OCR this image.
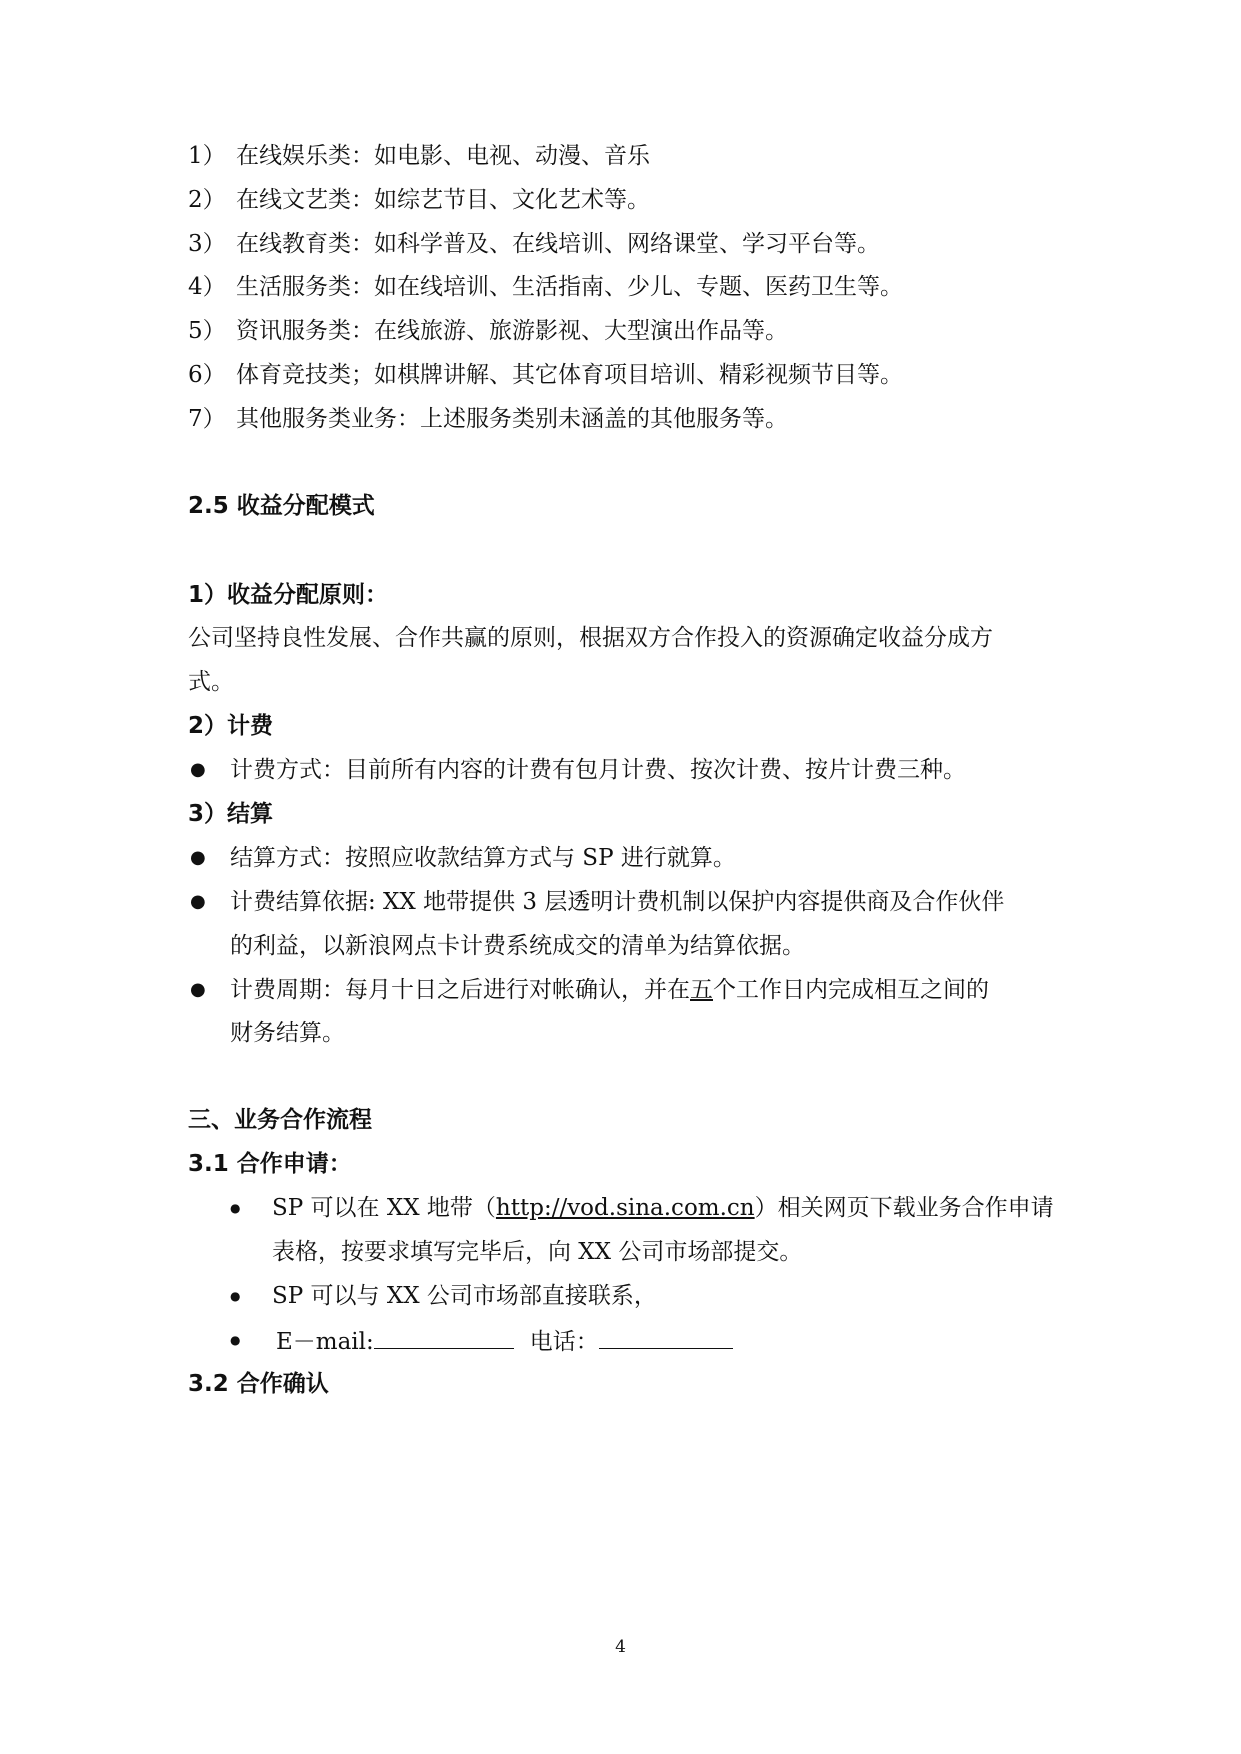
1） 在线娱乐类：如电影、电视、动漫、音乐
2） 在线文艺类：如综艺节目、文化艺术等。
3） 在线教育类：如科学普及、在线培训、网络课堂、学习平台等。
4） 生活服务类：如在线培训、生活指南、少儿、专题、医药卫生等。
5） 资讯服务类：在线旅游、旅游影视、大型演出作品等。
6） 体育竞技类；如棋牌讲解、其它体育项目培训、精彩视频节目等。
7） 其他服务类业务：上述服务类别未涵盖的其他服务等。
2.5 收益分配模式
1）收益分配原则：
公司坚持良性发展、合作共赢的原则，根据双方合作投入的资源确定收益分成方
式。
2）计费
● 计费方式：目前所有内容的计费有包月计费、按次计费、按片计费三种。
3）结算
● 结算方式：按照应收款结算方式与 SP 进行就算。
● 计费结算依据: XX 地带提供 3 层透明计费机制以保护内容提供商及合作伙伴
的利益，以新浪网点卡计费系统成交的清单为结算依据。
● 计费周期：每月十日之后进行对帐确认，并在五个工作日内完成相互之间的
财务结算。
三、业务合作流程
3.1 合作申请：
● SP 可以在 XX 地带（http://vod.sina.com.cn）相关网页下载业务合作申请
表格，按要求填写完毕后，向 XX 公司市场部提交。
● SP 可以与 XX 公司市场部直接联系，
● E－mail:	电话：
3.2 合作确认
4
